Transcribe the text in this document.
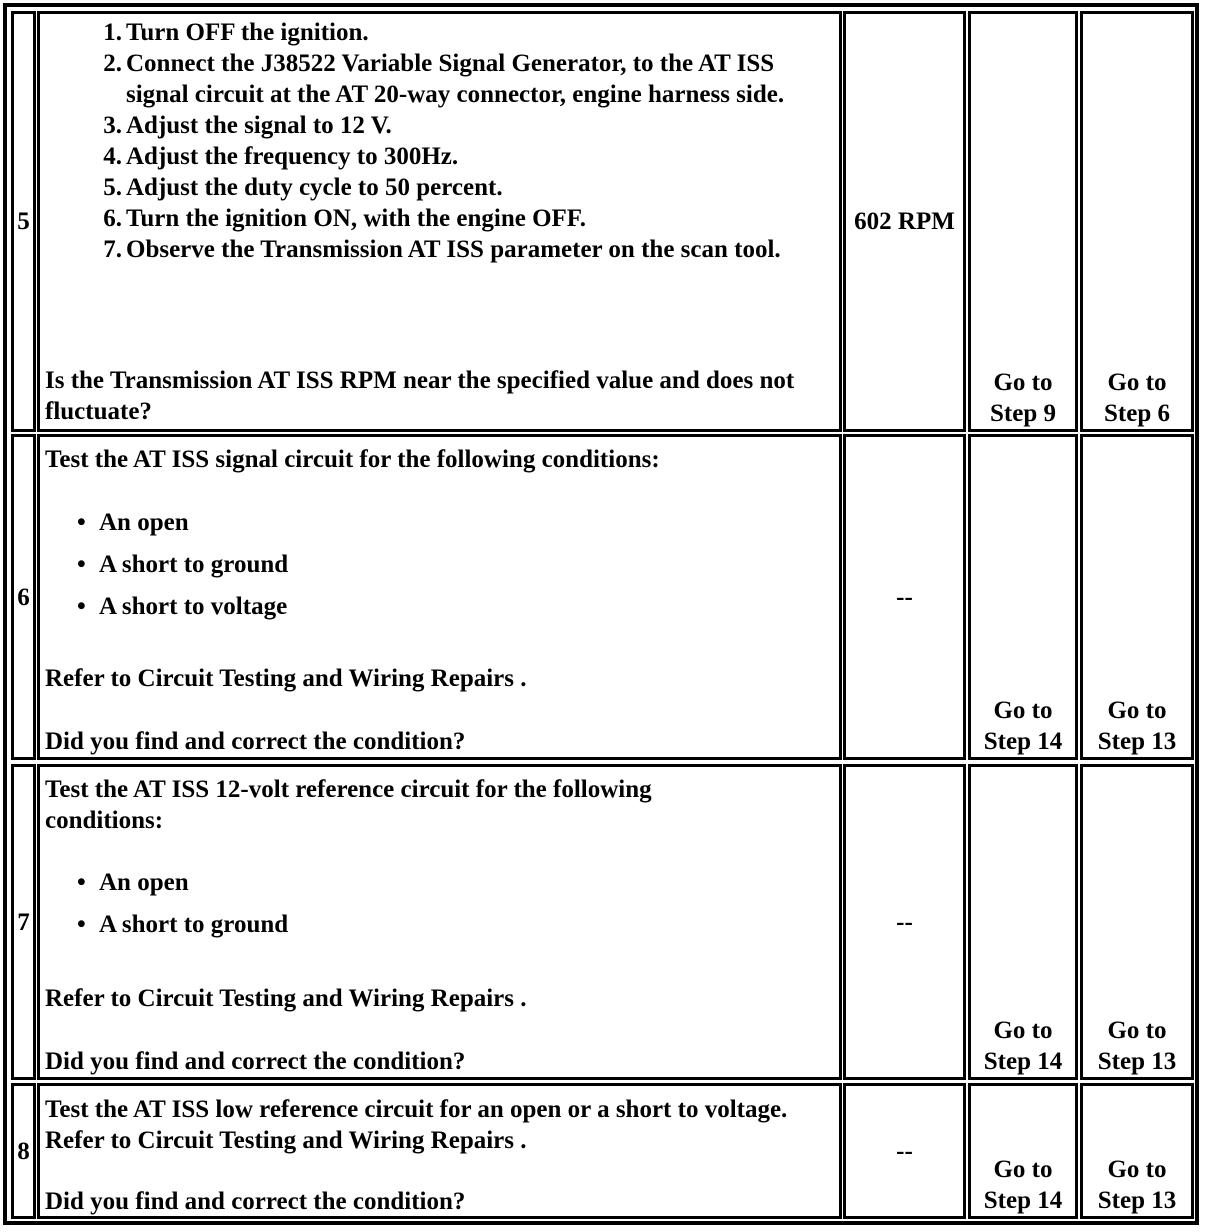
5
1. Turn OFF the ignition.
2. Connect the J38522 Variable Signal Generator, to the AT ISS signal circuit at the AT 20-way connector, engine harness side.
3. Adjust the signal to 12 V.
4. Adjust the frequency to 300Hz.
5. Adjust the duty cycle to 50 percent.
6. Turn the ignition ON, with the engine OFF.
7. Observe the Transmission AT ISS parameter on the scan tool.

Is the Transmission AT ISS RPM near the specified value and does not fluctuate?

602 RPM
Go to
Step 9
Go to
Step 6
6

Test the AT ISS signal circuit for the following conditions:

• An open
• A short to ground
• A short to voltage

Refer to Circuit Testing and Wiring Repairs .

Did you find and correct the condition?

--
Go to
Step 14
Go to
Step 13
7

Test the AT ISS 12-volt reference circuit for the following conditions:

• An open
• A short to ground

Refer to Circuit Testing and Wiring Repairs .

Did you find and correct the condition?

--
Go to
Step 14
Go to
Step 13
8

Test the AT ISS low reference circuit for an open or a short to voltage. Refer to Circuit Testing and Wiring Repairs .

Did you find and correct the condition?

--
Go to
Step 14
Go to
Step 13
